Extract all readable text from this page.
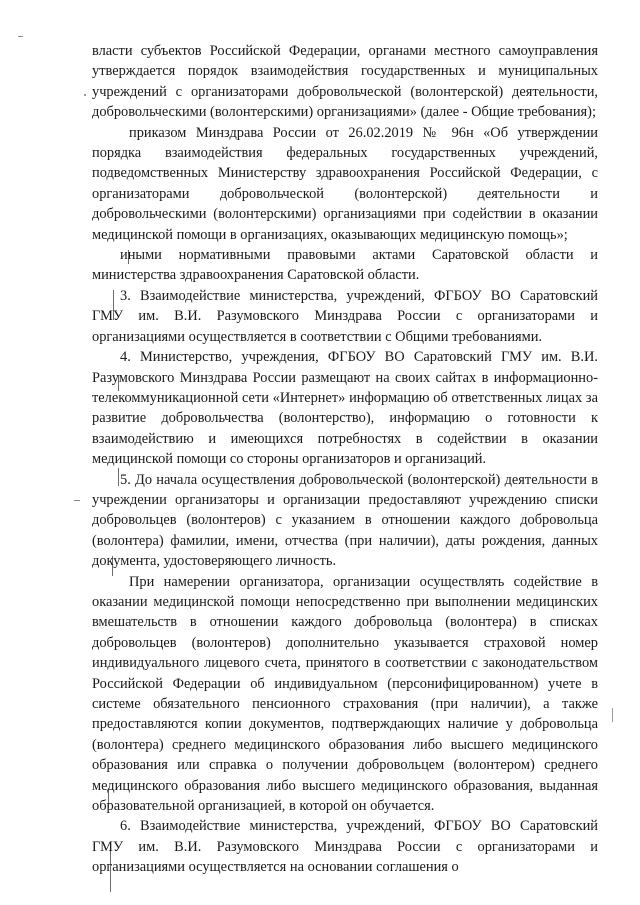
власти субъектов Российской Федерации, органами местного самоуправления утверждается порядок взаимодействия государственных и муниципальных учреждений с организаторами добровольческой (волонтерской) деятельности, добровольческими (волонтерскими) организациями» (далее - Общие требования);

приказом Минздрава России от 26.02.2019 № 96н «Об утверждении порядка взаимодействия федеральных государственных учреждений, подведомственных Министерству здравоохранения Российской Федерации, с организаторами добровольческой (волонтерской) деятельности и добровольческими (волонтерскими) организациями при содействии в оказании медицинской помощи в организациях, оказывающих медицинскую помощь»;

иными нормативными правовыми актами Саратовской области и министерства здравоохранения Саратовской области.

3. Взаимодействие министерства, учреждений, ФГБОУ ВО Саратовский ГМУ им. В.И. Разумовского Минздрава России с организаторами и организациями осуществляется в соответствии с Общими требованиями.

4. Министерство, учреждения, ФГБОУ ВО Саратовский ГМУ им. В.И. Разумовского Минздрава России размещают на своих сайтах в информационно-телекоммуникационной сети «Интернет» информацию об ответственных лицах за развитие добровольчества (волонтерство), информацию о готовности к взаимодействию и имеющихся потребностях в содействии в оказании медицинской помощи со стороны организаторов и организаций.

5. До начала осуществления добровольческой (волонтерской) деятельности в учреждении организаторы и организации предоставляют учреждению списки добровольцев (волонтеров) с указанием в отношении каждого добровольца (волонтера) фамилии, имени, отчества (при наличии), даты рождения, данных документа, удостоверяющего личность.

При намерении организатора, организации осуществлять содействие в оказании медицинской помощи непосредственно при выполнении медицинских вмешательств в отношении каждого добровольца (волонтера) в списках добровольцев (волонтеров) дополнительно указывается страховой номер индивидуального лицевого счета, принятого в соответствии с законодательством Российской Федерации об индивидуальном (персонифицированном) учете в системе обязательного пенсионного страхования (при наличии), а также предоставляются копии документов, подтверждающих наличие у добровольца (волонтера) среднего медицинского образования либо высшего медицинского образования или справка о получении добровольцем (волонтером) среднего медицинского образования либо высшего медицинского образования, выданная образовательной организацией, в которой он обучается.

6. Взаимодействие министерства, учреждений, ФГБОУ ВО Саратовский ГМУ им. В.И. Разумовского Минздрава России с организаторами и организациями осуществляется на основании соглашения о
